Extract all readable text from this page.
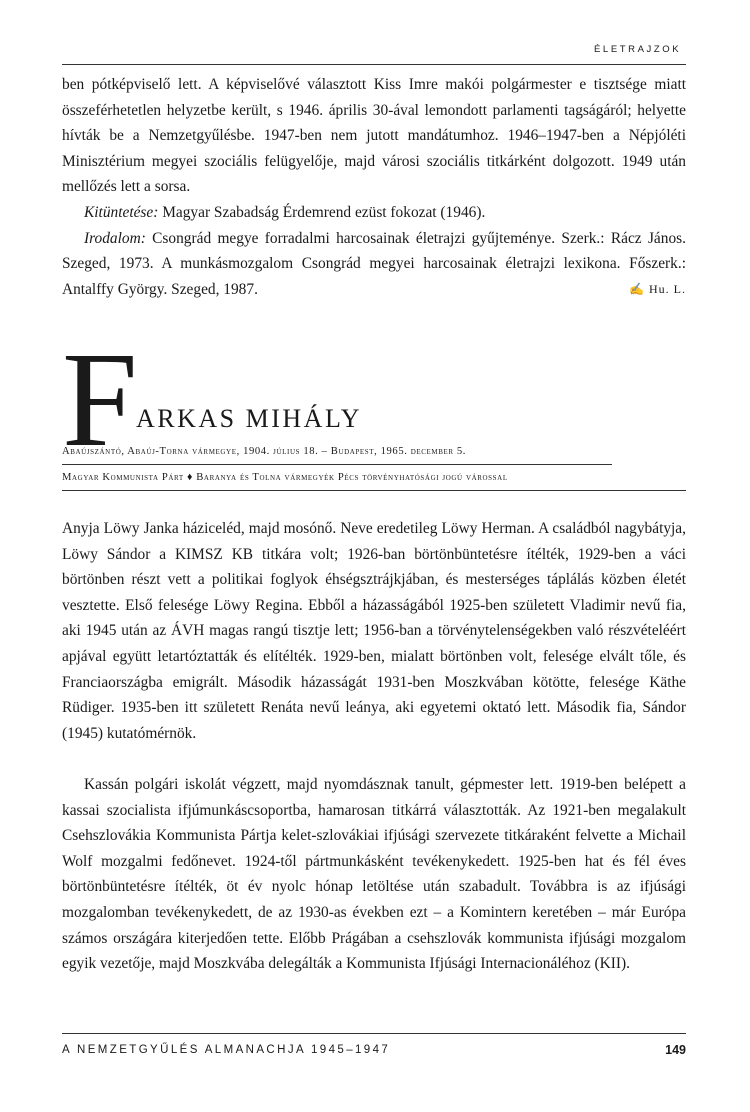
ÉLETRAJZOK
ben pótképviselő lett. A képviselővé választott Kiss Imre makói polgármester e tisztsége miatt összeférhetetlen helyzetbe került, s 1946. április 30-ával lemondott parlamenti tagságáról; helyette hívták be a Nemzetgyűlésbe. 1947-ben nem jutott mandátumhoz. 1946–1947-ben a Népjóléti Minisztérium megyei szociális felügyelője, majd városi szociális titkárként dolgozott. 1949 után mellőzés lett a sorsa.
Kitüntetése: Magyar Szabadság Érdemrend ezüst fokozat (1946).
Irodalom: Csongrád megye forradalmi harcosainak életrajzi gyűjteménye. Szerk.: Rácz János. Szeged, 1973. A munkásmozgalom Csongrád megyei harcosainak életrajzi lexikona. Főszerk.: Antalffy György. Szeged, 1987.	✍ Hu. L.
F
ARKAS MIHÁLY
Abaújszántó, Abaúj-Torna vármegye, 1904. július 18. – Budapest, 1965. december 5.
Magyar Kommunista Párt ♦ Baranya és Tolna vármegyék Pécs törvényhatósági jogú várossal

Anyja Löwy Janka háziceléd, majd mosónő. Neve eredetileg Löwy Herman. A családból nagybátyja, Löwy Sándor a KIMSZ KB titkára volt; 1926-ban börtönbüntetésre ítélték, 1929-ben a váci börtönben részt vett a politikai foglyok éhségsztrájkjában, és mesterséges táplálás közben életét vesztette. Első felesége Löwy Regina. Ebből a házasságából 1925-ben született Vladimir nevű fia, aki 1945 után az ÁVH magas rangú tisztje lett; 1956-ban a törvénytelenségekben való részvételéért apjával együtt letartóztatták és elítélték. 1929-ben, mialatt börtönben volt, felesége elvált tőle, és Franciaországba emigrált. Második házasságát 1931-ben Moszkvában kötötte, felesége Käthe Rüdiger. 1935-ben itt született Renáta nevű leánya, aki egyetemi oktató lett. Második fia, Sándor (1945) kutatómérnök.

Kassán polgári iskolát végzett, majd nyomdásznak tanult, gépmester lett. 1919-ben belépett a kassai szocialista ifjúmunkáscsoportba, hamarosan titkárrá választották. Az 1921-ben megalakult Csehszlovákia Kommunista Pártja kelet-szlovákiai ifjúsági szervezete titkáraként felvette a Michail Wolf mozgalmi fedőnevet. 1924-től pártmunkásként tevékenykedett. 1925-ben hat és fél éves börtönbüntetésre ítélték, öt év nyolc hónap letöltése után szabadult. Továbbra is az ifjúsági mozgalomban tevékenykedett, de az 1930-as években ezt – a Komintern keretében – már Európa számos országára kiterjedően tette. Előbb Prágában a csehszlovák kommunista ifjúsági mozgalom egyik vezetője, majd Moszkvába delegálták a Kommunista Ifjúsági Internacionáléhoz (KII).

A NEMZETGYŰLÉS ALMANACHJA 1945–1947	149
